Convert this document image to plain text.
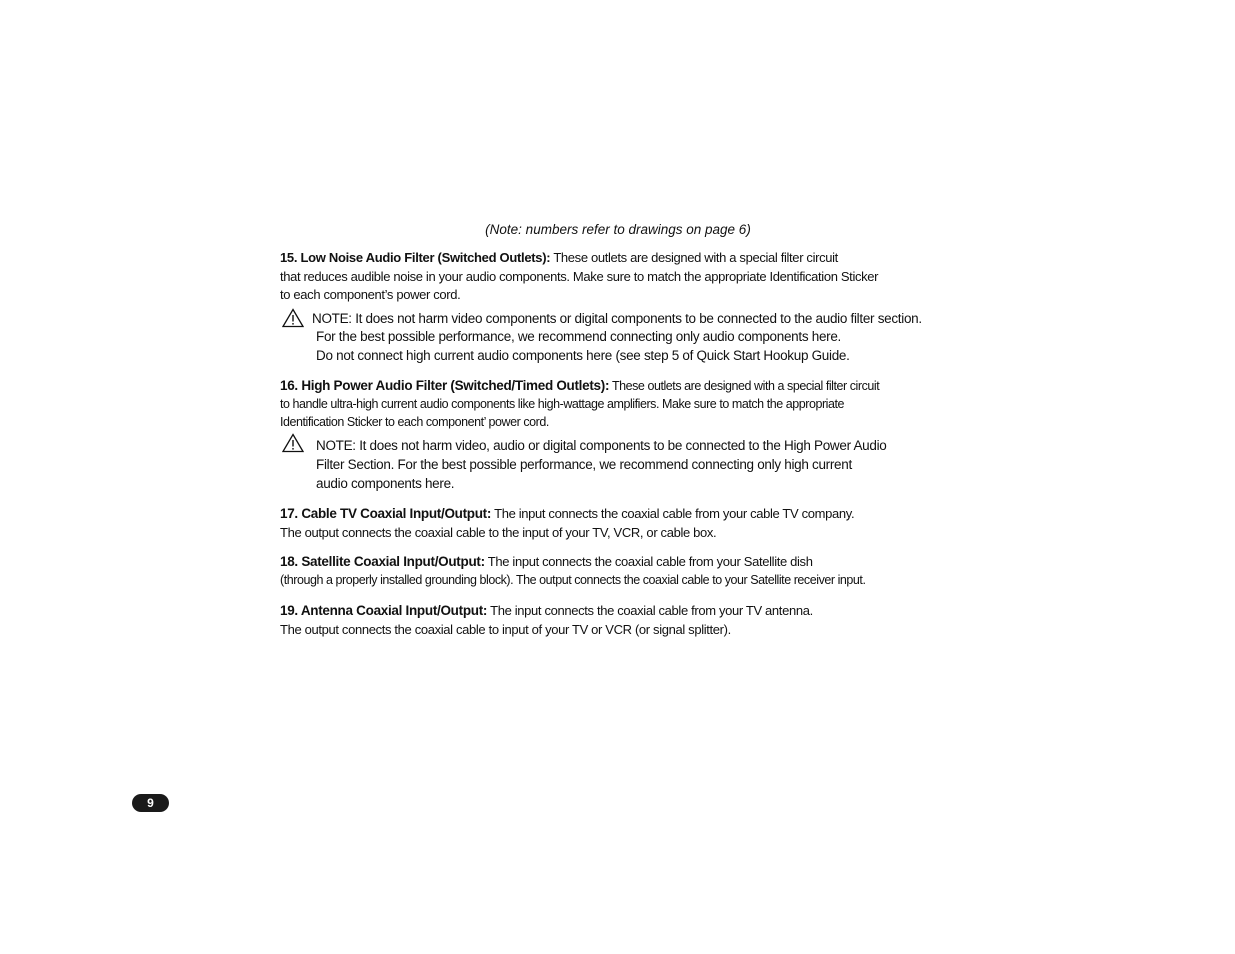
(Note: numbers refer to drawings on page 6)
15. Low Noise Audio Filter (Switched Outlets): These outlets are designed with a special filter circuit
that reduces audible noise in your audio components. Make sure to match the appropriate Identification Sticker
to each component’s power cord.
NOTE: It does not harm video components or digital components to be connected to the audio filter section.
For the best possible performance, we recommend connecting only audio components here.
Do not connect high current audio components here (see step 5 of Quick Start Hookup Guide.
16. High Power Audio Filter (Switched/Timed Outlets): These outlets are designed with a special filter circuit
to handle ultra-high current audio components like high-wattage amplifiers. Make sure to match the appropriate
Identification Sticker to each component’ power cord.
NOTE: It does not harm video, audio or digital components to be connected to the High Power Audio
Filter Section. For the best possible performance, we recommend connecting only high current
audio components here.
17. Cable TV Coaxial Input/Output: The input connects the coaxial cable from your cable TV company.
The output connects the coaxial cable to the input of your TV, VCR, or cable box.
18. Satellite Coaxial Input/Output: The input connects the coaxial cable from your Satellite dish
(through a properly installed grounding block). The output connects the coaxial cable to your Satellite receiver input.
19. Antenna Coaxial Input/Output: The input connects the coaxial cable from your TV antenna.
The output connects the coaxial cable to input of your TV or VCR (or signal splitter).
9
